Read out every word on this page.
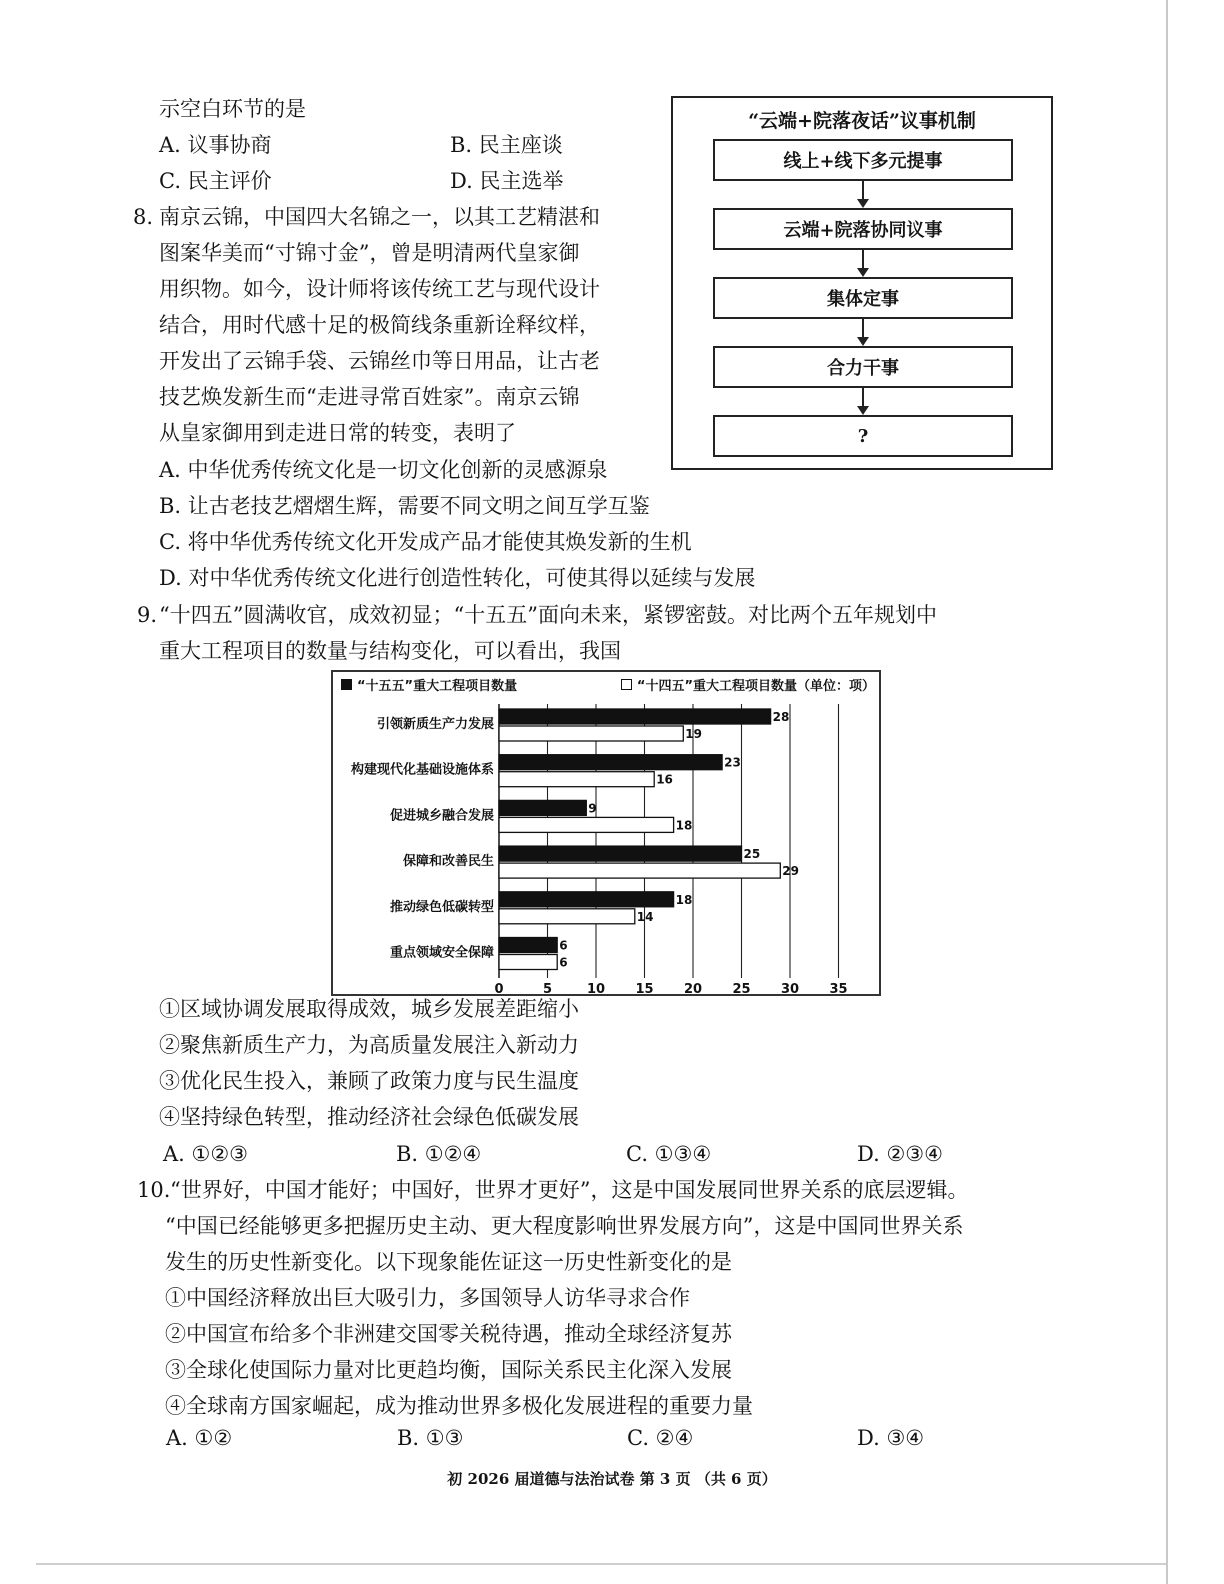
示空白环节的是
A. 议事协商	B. 民主座谈
C. 民主评价	D. 民主选举
“云端+院落夜话”议事机制
线上+线下多元提事
云端+院落协同议事
集体定事
合力干事
?
8. 南京云锦，中国四大名锦之一，以其工艺精湛和
图案华美而“寸锦寸金”，曾是明清两代皇家御
用织物。如今，设计师将该传统工艺与现代设计
结合，用时代感十足的极简线条重新诠释纹样，
开发出了云锦手袋、云锦丝巾等日用品，让古老
技艺焕发新生而“走进寻常百姓家”。南京云锦
从皇家御用到走进日常的转变，表明了
A. 中华优秀传统文化是一切文化创新的灵感源泉
B. 让古老技艺熠熠生辉，需要不同文明之间互学互鉴
C. 将中华优秀传统文化开发成产品才能使其焕发新的生机
D. 对中华优秀传统文化进行创造性转化，可使其得以延续与发展
9. “十四五”圆满收官，成效初显；“十五五”面向未来，紧锣密鼓。对比两个五年规划中
重大工程项目的数量与结构变化，可以看出，我国
“十五五”重大工程项目数量	“十四五”重大工程项目数量（单位：项）
0	5	10 15 20 25 30 35
引领新质生产力发展	28
19
构建现代化基础设施体系	23
16
促进城乡融合发展	9
18
保障和改善民生	25
29
推动绿色低碳转型	18
14
重点领域安全保障	6
6
①区域协调发展取得成效，城乡发展差距缩小
②聚焦新质生产力，为高质量发展注入新动力
③优化民生投入，兼顾了政策力度与民生温度
④坚持绿色转型，推动经济社会绿色低碳发展
A. ①②③	B. ①②④	C. ①③④	D. ②③④
10. “世界好，中国才能好；中国好，世界才更好”，这是中国发展同世界关系的底层逻辑。
“中国已经能够更多把握历史主动、更大程度影响世界发展方向”，这是中国同世界关系
发生的历史性新变化。以下现象能佐证这一历史性新变化的是
①中国经济释放出巨大吸引力，多国领导人访华寻求合作
②中国宣布给多个非洲建交国零关税待遇，推动全球经济复苏
③全球化使国际力量对比更趋均衡，国际关系民主化深入发展
④全球南方国家崛起，成为推动世界多极化发展进程的重要力量
A. ①②	B. ①③	C. ②④	D. ③④
初 2026 届道德与法治试卷 第 3 页 （共 6 页）
